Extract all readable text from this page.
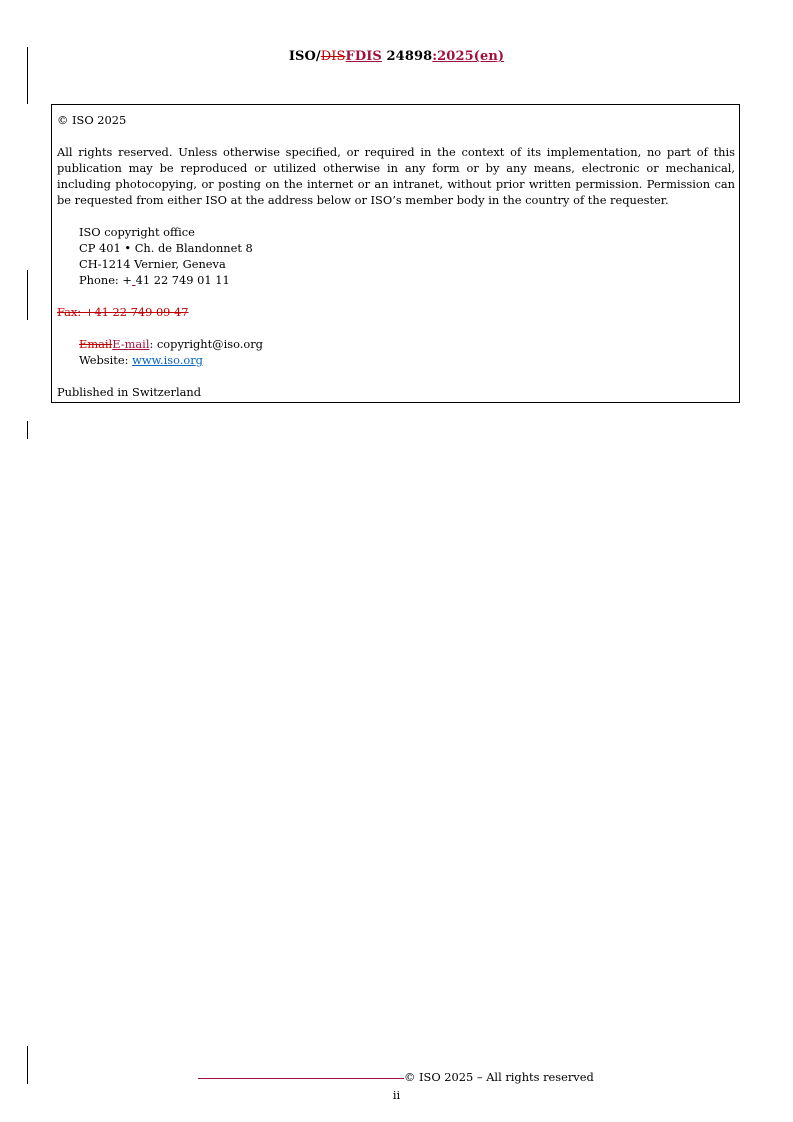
ISO/DISFDIS 24898:2025(en)

© ISO 2025

All rights reserved. Unless otherwise specified, or required in the context of its implementation, no part of this publication may be reproduced or utilized otherwise in any form or by any means, electronic or mechanical, including photocopying, or posting on the internet or an intranet, without prior written permission. Permission can be requested from either ISO at the address below or ISO’s member body in the country of the requester.

ISO copyright office

CP 401 • Ch. de Blandonnet 8

CH-1214 Vernier, Geneva

Phone: + 41 22 749 01 11

Fax: +41 22 749 09 47

EmailE-mail: copyright@iso.org

Website: www.iso.org

Published in Switzerland

© ISO 2025 – All rights reserved
ii
